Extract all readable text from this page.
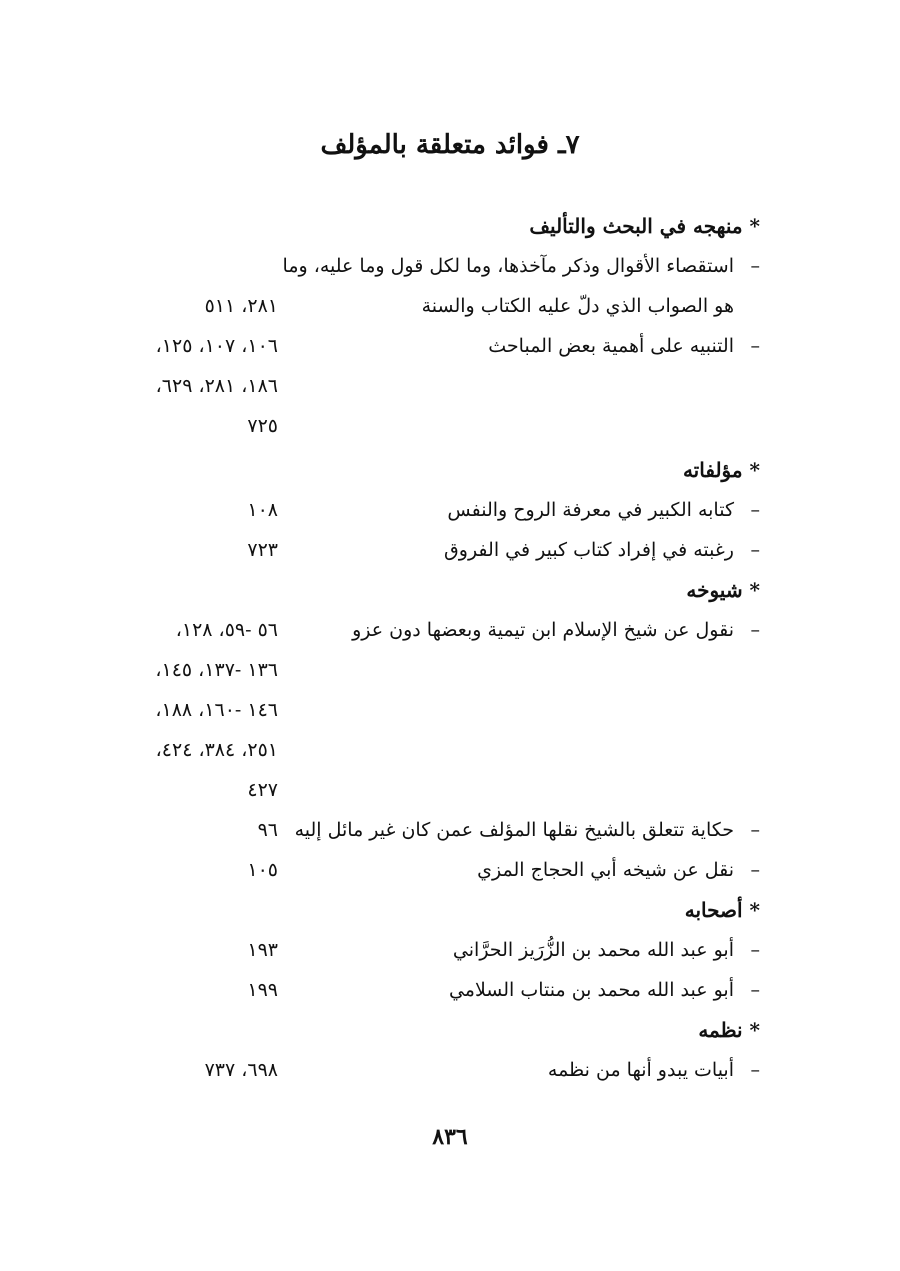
٧ـ فوائد متعلقة بالمؤلف
* منهجه في البحث والتأليف
–استقصاء الأقوال وذكر مآخذها، وما لكل قول وما عليه، وما
هو الصواب الذي دلّ عليه الكتاب والسنة
٢٨١، ٥١١
–التنبيه على أهمية بعض المباحث
١٠٦، ١٠٧، ١٢٥،
١٨٦، ٢٨١، ٦٢٩،
٧٢٥
* مؤلفاته
–كتابه الكبير في معرفة الروح والنفس
١٠٨
–رغبته في إفراد كتاب كبير في الفروق
٧٢٣
* شيوخه
–نقول عن شيخ الإسلام ابن تيمية وبعضها دون عزو
٥٦ -٥٩، ١٢٨،
١٣٦ -١٣٧، ١٤٥،
١٤٦ -١٦٠، ١٨٨،
٢٥١، ٣٨٤، ٤٢٤،
٤٢٧
–حكاية تتعلق بالشيخ نقلها المؤلف عمن كان غير مائل إليه
٩٦
–نقل عن شيخه أبي الحجاج المزي
١٠٥
* أصحابه
–أبو عبد الله محمد بن الزُّرَيز الحرَّاني
١٩٣
–أبو عبد الله محمد بن منتاب السلامي
١٩٩
* نظمه
–أبيات يبدو أنها من نظمه
٦٩٨، ٧٣٧
٨٣٦
